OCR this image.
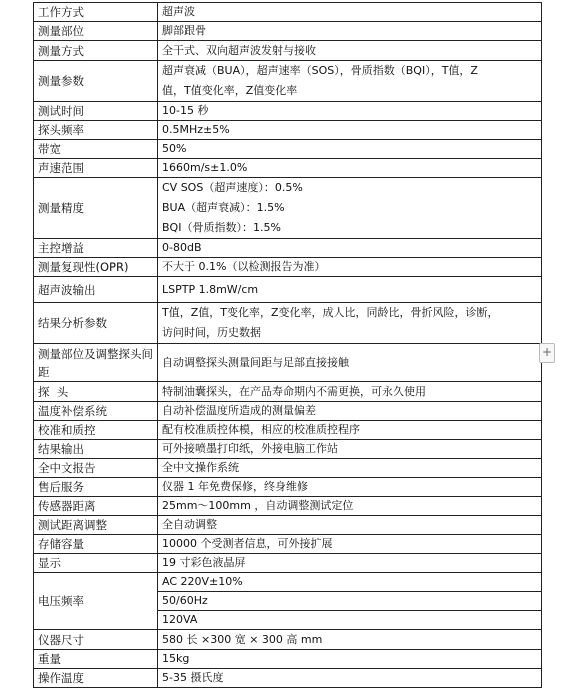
工作方式	超声波
测量部位	脚部跟骨
测量方式	全干式、双向超声波发射与接收
测量参数	超声衰减（BUA），超声速率（SOS），骨质指数（BQI），T值，Z
值，T值变化率，Z值变化率

测试时间	10-15 秒
探头频率	0.5MHz±5%
带宽	50%
声速范围	1660m/s±1.0%
测量精度	CV SOS（超声速度）：0.5%
BUA（超声衰减）：1.5%
BQI（骨质指数）：1.5%

主控增益	0-80dB
测量复现性(OPR)	不大于 0.1%（以检测报告为准）
超声波输出	LSPTP 1.8mW/cm
结果分析参数	T值，Z值，T变化率，Z变化率，成人比，同龄比，骨折风险，诊断，
访问时间，历史数据

测量部位及调整探头间距	自动调整探头测量间距与足部直接接触
探  头	特制油囊探头，在产品寿命期内不需更换，可永久使用
温度补偿系统	自动补偿温度所造成的测量偏差
校准和质控	配有校准质控体模，相应的校准质控程序
结果输出	可外接喷墨打印纸，外接电脑工作站
全中文报告	全中文操作系统
售后服务	仪器 1 年免费保修，终身维修
传感器距离	25mm～100mm ，自动调整测试定位
测试距离调整	全自动调整
存储容量	10000 个受测者信息，可外接扩展
显示	19 寸彩色液晶屏
电压频率	AC 220V±10%
50/60Hz
120VA

仪器尺寸	580 长 ×300 宽 × 300 高 mm
重量	15kg
操作温度	5-35 摄氏度
+
